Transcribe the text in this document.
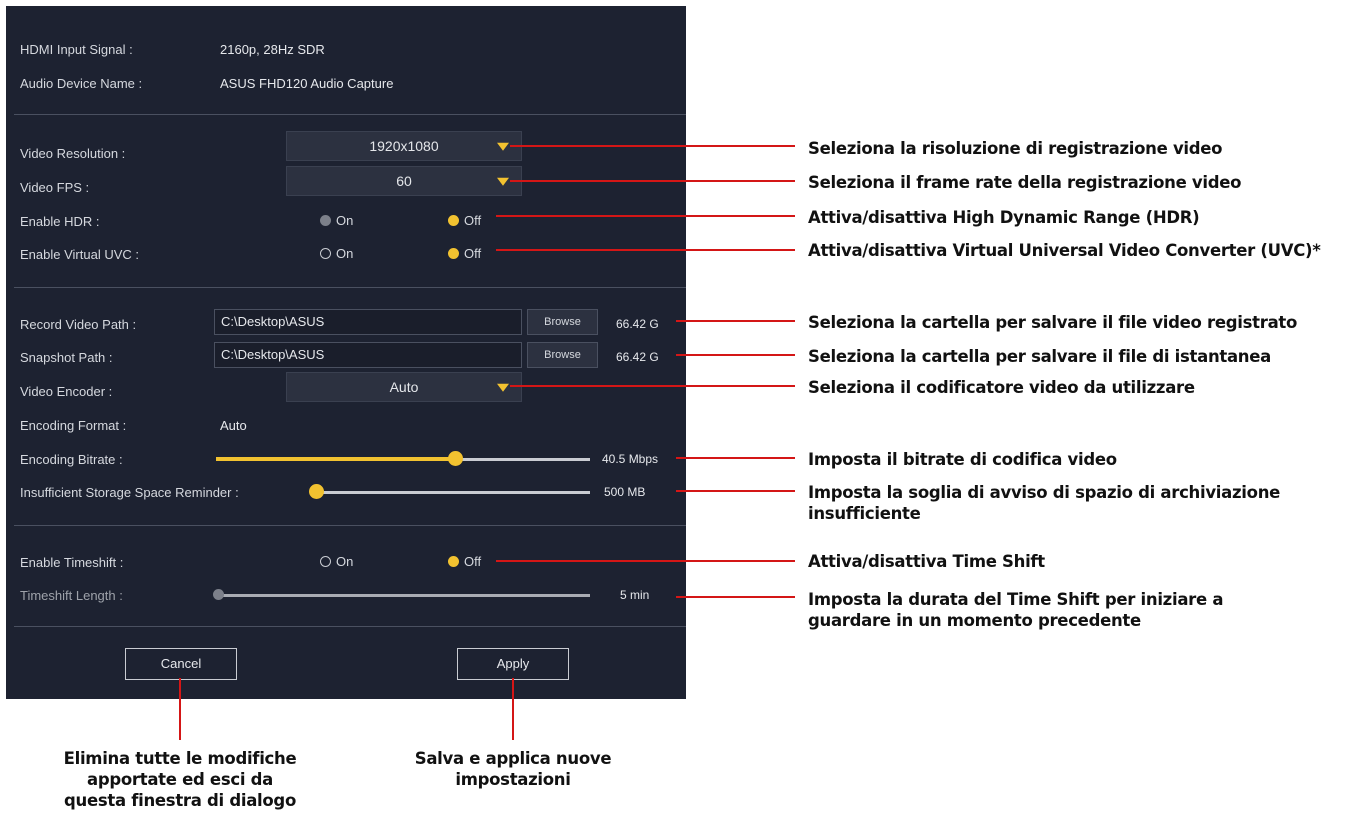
HDMI Input Signal :	2160p, 28Hz SDR
Audio Device Name :	ASUS FHD120 Audio Capture
Video Resolution :	1920x1080
Video FPS :	60
Enable HDR :	On	Off
Enable Virtual UVC :	On	Off
Record Video Path :	C:\Desktop\ASUS	Browse	66.42 G
Snapshot Path :	C:\Desktop\ASUS	Browse	66.42 G
Video Encoder :	Auto
Encoding Format :	Auto
Encoding Bitrate :	40.5 Mbps
Insufficient Storage Space Reminder :	500 MB
Enable Timeshift :	On	Off
Timeshift Length :	5 min
Cancel	Apply
Seleziona la risoluzione di registrazione video
Seleziona il frame rate della registrazione video
Attiva/disattiva High Dynamic Range (HDR)
Attiva/disattiva Virtual Universal Video Converter (UVC)*
Seleziona la cartella per salvare il file video registrato
Seleziona la cartella per salvare il file di istantanea
Seleziona il codificatore video da utilizzare
Imposta il bitrate di codifica video
Imposta la soglia di avviso di spazio di archiviazione
insufficiente
Attiva/disattiva Time Shift
Imposta la durata del Time Shift per iniziare a
guardare in un momento precedente
Elimina tutte le modifiche
apportate ed esci da
questa finestra di dialogo
Salva e applica nuove
impostazioni
